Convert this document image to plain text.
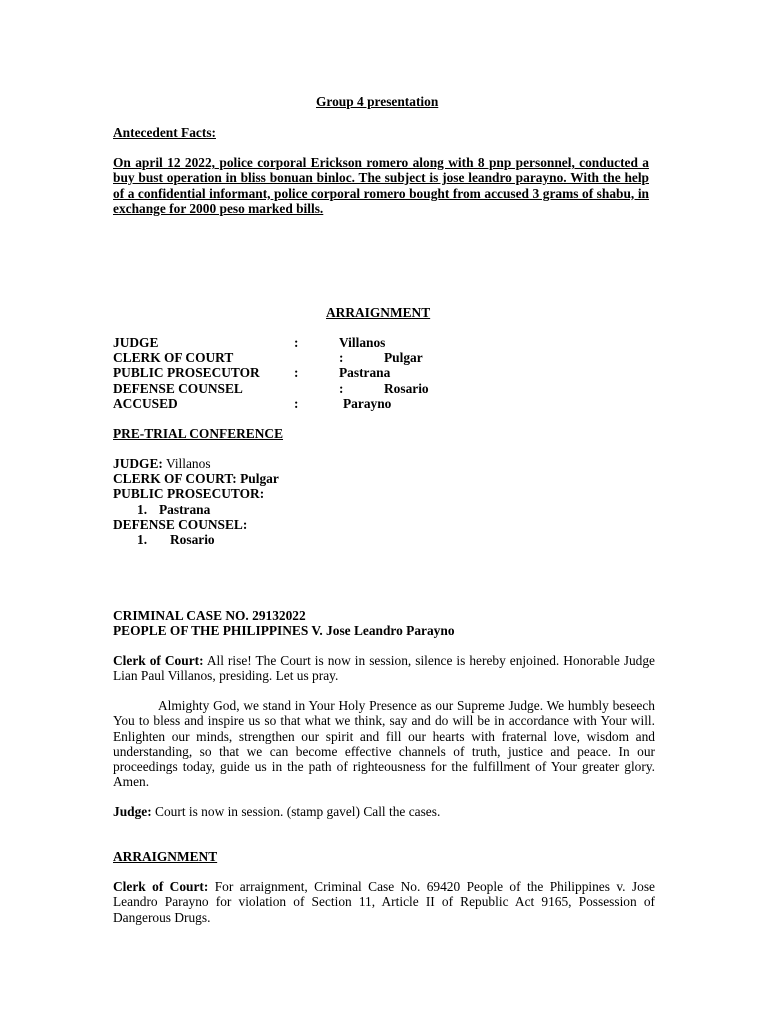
Group 4 presentation
Antecedent Facts:
On april 12 2022, police corporal Erickson romero along with 8 pnp personnel, conducted a buy bust operation in bliss bonuan binloc. The subject is jose leandro parayno. With the help of a confidential informant, police corporal romero bought from accused 3 grams of shabu, in exchange for 2000 peso marked bills.
ARRAIGNMENT
JUDGE	:	Villanos
CLERK OF COURT	:	Pulgar
PUBLIC PROSECUTOR	:	Pastrana
DEFENSE COUNSEL	:	Rosario
ACCUSED	:	Parayno
PRE-TRIAL CONFERENCE
JUDGE: Villanos
CLERK OF COURT: Pulgar
PUBLIC PROSECUTOR:
1. Pastrana
DEFENSE COUNSEL:
1. Rosario
CRIMINAL CASE NO. 29132022
PEOPLE OF THE PHILIPPINES V. Jose Leandro Parayno
Clerk of Court: All rise! The Court is now in session, silence is hereby enjoined. Honorable Judge Lian Paul Villanos, presiding. Let us pray.
Almighty God, we stand in Your Holy Presence as our Supreme Judge. We humbly beseech You to bless and inspire us so that what we think, say and do will be in accordance with Your will. Enlighten our minds, strengthen our spirit and fill our hearts with fraternal love, wisdom and understanding, so that we can become effective channels of truth, justice and peace. In our proceedings today, guide us in the path of righteousness for the fulfillment of Your greater glory. Amen.
Judge: Court is now in session. (stamp gavel) Call the cases.
ARRAIGNMENT
Clerk of Court: For arraignment, Criminal Case No. 69420 People of the Philippines v. Jose Leandro Parayno for violation of Section 11, Article II of Republic Act 9165, Possession of Dangerous Drugs.
